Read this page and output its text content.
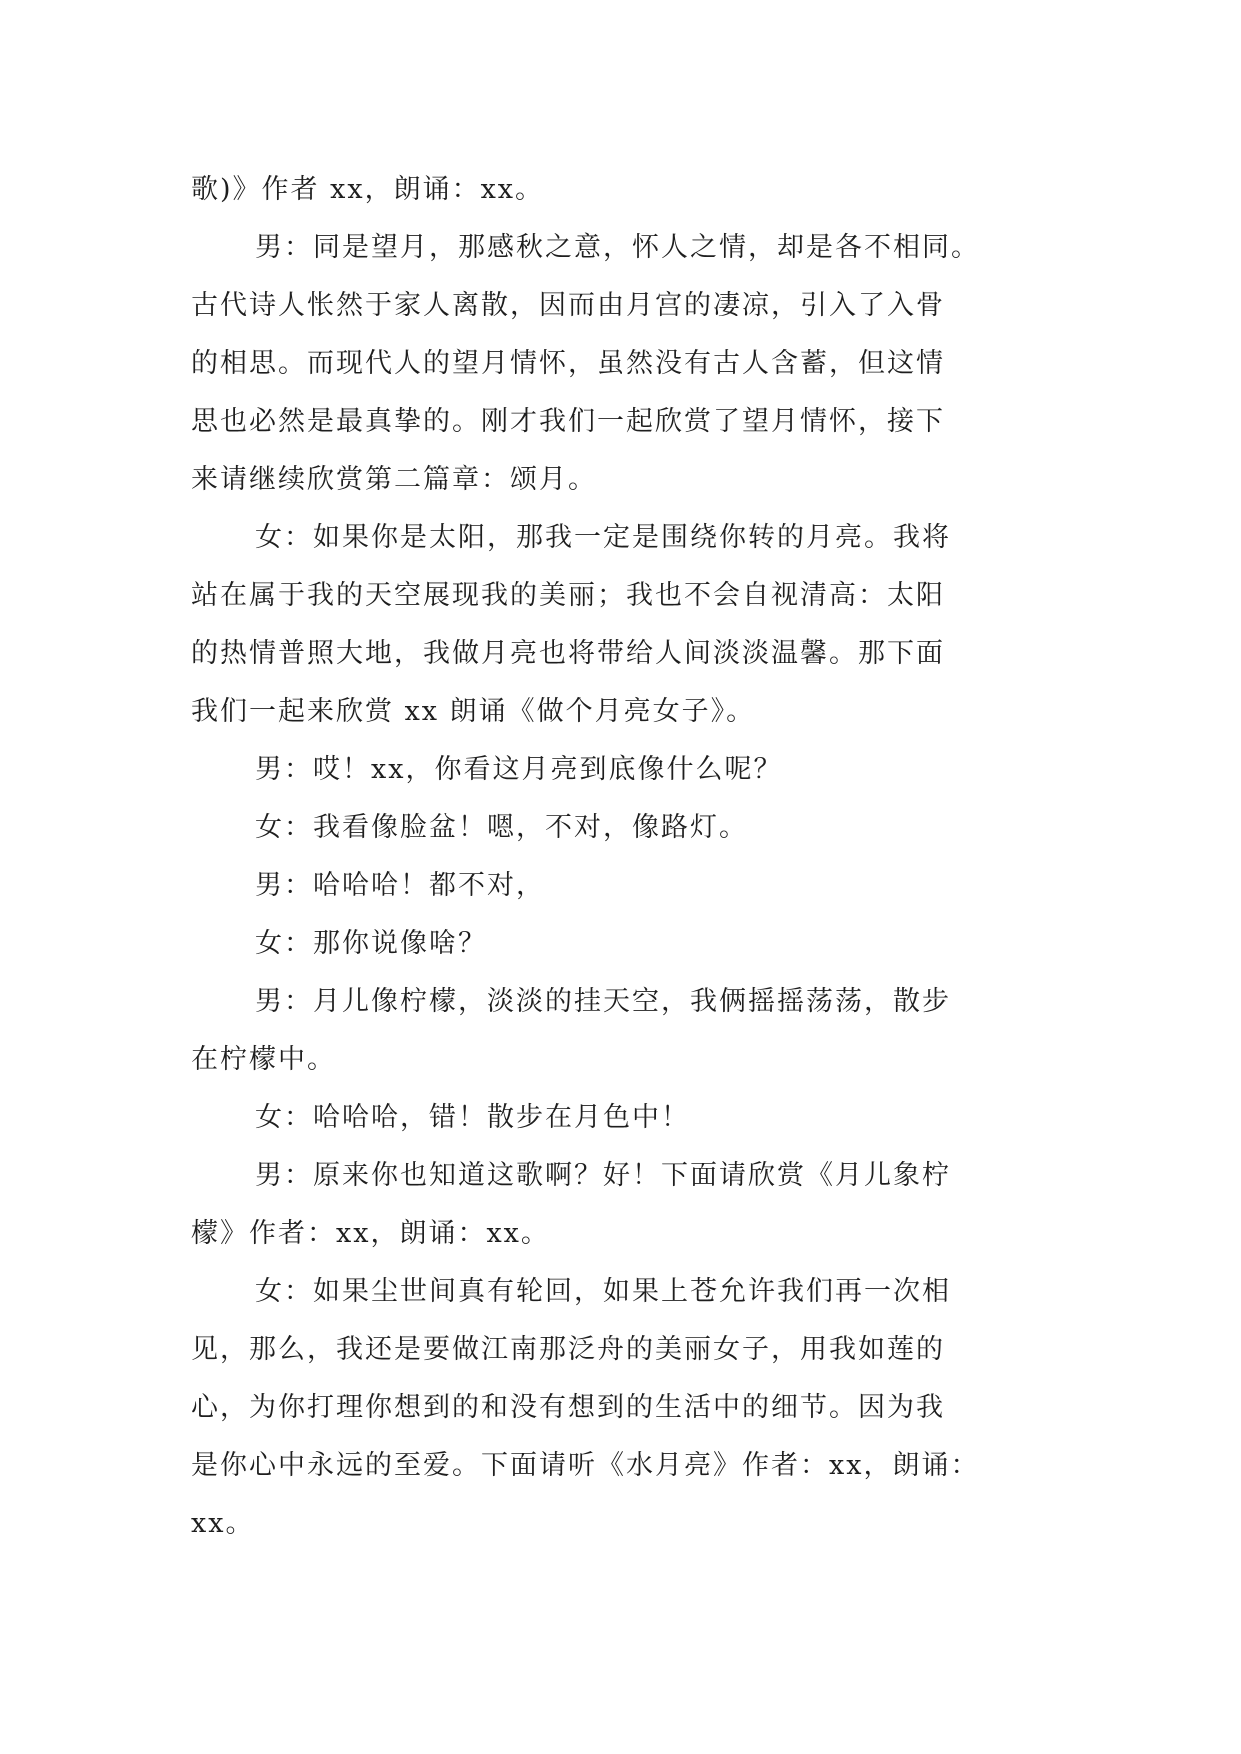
歌)》作者 xx，朗诵：xx。
男：同是望月，那感秋之意，怀人之情，却是各不相同。
古代诗人怅然于家人离散，因而由月宫的凄凉，引入了入骨
的相思。而现代人的望月情怀，虽然没有古人含蓄，但这情
思也必然是最真挚的。刚才我们一起欣赏了望月情怀，接下
来请继续欣赏第二篇章：颂月。
女：如果你是太阳，那我一定是围绕你转的月亮。我将
站在属于我的天空展现我的美丽；我也不会自视清高：太阳
的热情普照大地，我做月亮也将带给人间淡淡温馨。那下面
我们一起来欣赏 xx 朗诵《做个月亮女子》。
男：哎！xx，你看这月亮到底像什么呢？
女：我看像脸盆！嗯，不对，像路灯。
男：哈哈哈！都不对，
女：那你说像啥？
男：月儿像柠檬，淡淡的挂天空，我俩摇摇荡荡，散步
在柠檬中。
女：哈哈哈，错！散步在月色中！
男：原来你也知道这歌啊？好！下面请欣赏《月儿象柠
檬》作者：xx，朗诵：xx。
女：如果尘世间真有轮回，如果上苍允许我们再一次相
见，那么，我还是要做江南那泛舟的美丽女子，用我如莲的
心，为你打理你想到的和没有想到的生活中的细节。因为我
是你心中永远的至爱。下面请听《水月亮》作者：xx，朗诵：
xx。
